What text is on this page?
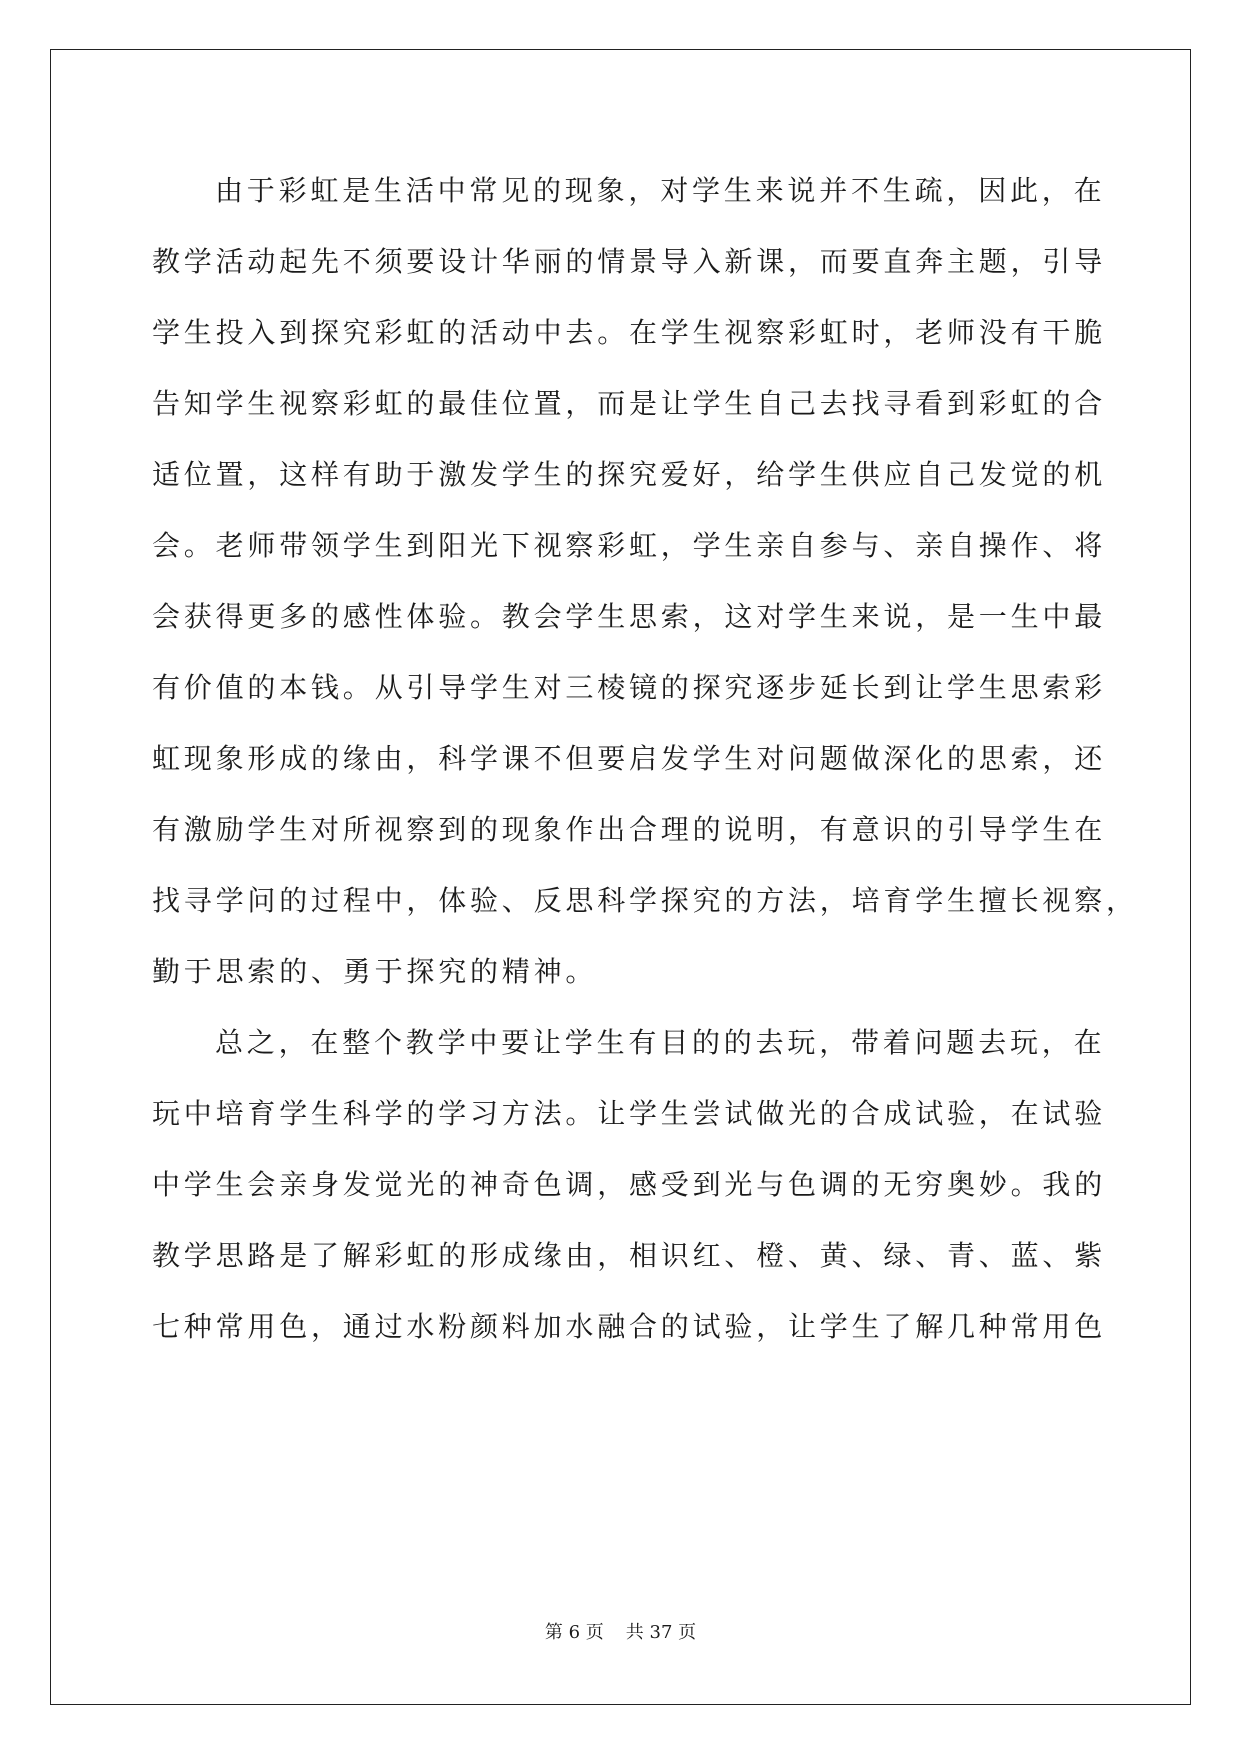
由于彩虹是生活中常见的现象，对学生来说并不生疏，因此，在
教学活动起先不须要设计华丽的情景导入新课，而要直奔主题，引导
学生投入到探究彩虹的活动中去。在学生视察彩虹时，老师没有干脆
告知学生视察彩虹的最佳位置，而是让学生自己去找寻看到彩虹的合
适位置，这样有助于激发学生的探究爱好，给学生供应自己发觉的机
会。老师带领学生到阳光下视察彩虹，学生亲自参与、亲自操作、将
会获得更多的感性体验。教会学生思索，这对学生来说，是一生中最
有价值的本钱。从引导学生对三棱镜的探究逐步延长到让学生思索彩
虹现象形成的缘由，科学课不但要启发学生对问题做深化的思索，还
有激励学生对所视察到的现象作出合理的说明，有意识的引导学生在
找寻学问的过程中，体验、反思科学探究的方法，培育学生擅长视察，
勤于思索的、勇于探究的精神。
总之，在整个教学中要让学生有目的的去玩，带着问题去玩，在
玩中培育学生科学的学习方法。让学生尝试做光的合成试验，在试验
中学生会亲身发觉光的神奇色调，感受到光与色调的无穷奥妙。我的
教学思路是了解彩虹的形成缘由，相识红、橙、黄、绿、青、蓝、紫
七种常用色，通过水粉颜料加水融合的试验，让学生了解几种常用色
第 6 页 共 37 页
